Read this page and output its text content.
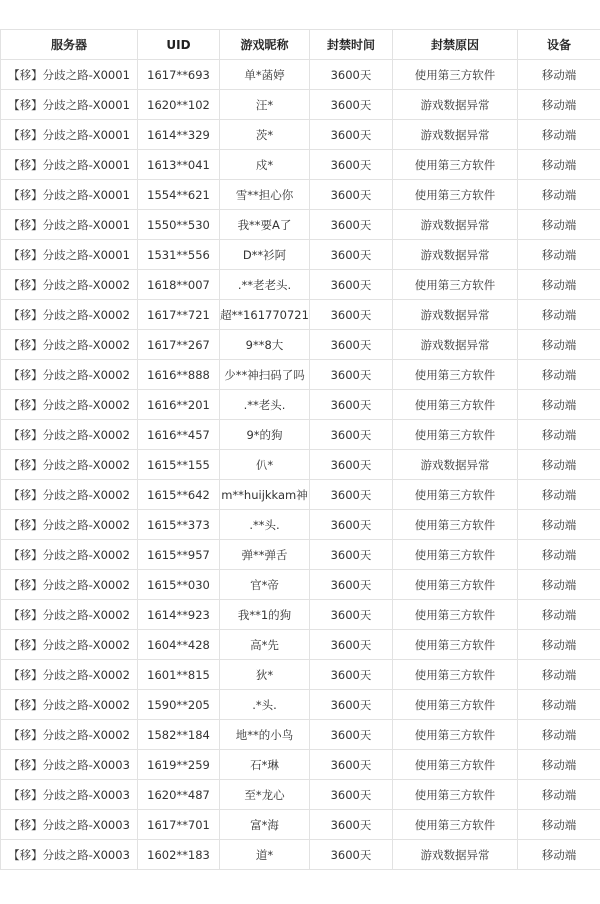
服务器	UID	游戏昵称	封禁时间	封禁原因	设备
【移】分歧之路-X0001	1617**693	单*菡婷	3600天	使用第三方软件	移动端
【移】分歧之路-X0001	1620**102	汪*	3600天	游戏数据异常	移动端
【移】分歧之路-X0001	1614**329	茨*	3600天	游戏数据异常	移动端
【移】分歧之路-X0001	1613**041	戍*	3600天	使用第三方软件	移动端
【移】分歧之路-X0001	1554**621	雪**担心你	3600天	使用第三方软件	移动端
【移】分歧之路-X0001	1550**530	我**要A了	3600天	游戏数据异常	移动端
【移】分歧之路-X0001	1531**556	D**衫阿	3600天	游戏数据异常	移动端
【移】分歧之路-X0002	1618**007	.**老老头.	3600天	使用第三方软件	移动端
【移】分歧之路-X0002	1617**721	超**161770721	3600天	游戏数据异常	移动端
【移】分歧之路-X0002	1617**267	9**8大	3600天	游戏数据异常	移动端
【移】分歧之路-X0002	1616**888	少**神扫码了吗	3600天	使用第三方软件	移动端
【移】分歧之路-X0002	1616**201	.**老头.	3600天	使用第三方软件	移动端
【移】分歧之路-X0002	1616**457	9*的狗	3600天	使用第三方软件	移动端
【移】分歧之路-X0002	1615**155	仈*	3600天	游戏数据异常	移动端
【移】分歧之路-X0002	1615**642	m**huijkkam神	3600天	使用第三方软件	移动端
【移】分歧之路-X0002	1615**373	.**头.	3600天	使用第三方软件	移动端
【移】分歧之路-X0002	1615**957	弹**弹舌	3600天	使用第三方软件	移动端
【移】分歧之路-X0002	1615**030	官*帝	3600天	使用第三方软件	移动端
【移】分歧之路-X0002	1614**923	我**1的狗	3600天	使用第三方软件	移动端
【移】分歧之路-X0002	1604**428	高*先	3600天	使用第三方软件	移动端
【移】分歧之路-X0002	1601**815	狄*	3600天	使用第三方软件	移动端
【移】分歧之路-X0002	1590**205	.*头.	3600天	使用第三方软件	移动端
【移】分歧之路-X0002	1582**184	地**的小鸟	3600天	使用第三方软件	移动端
【移】分歧之路-X0003	1619**259	石*琳	3600天	使用第三方软件	移动端
【移】分歧之路-X0003	1620**487	至*龙心	3600天	使用第三方软件	移动端
【移】分歧之路-X0003	1617**701	富*海	3600天	使用第三方软件	移动端
【移】分歧之路-X0003	1602**183	道*	3600天	游戏数据异常	移动端
